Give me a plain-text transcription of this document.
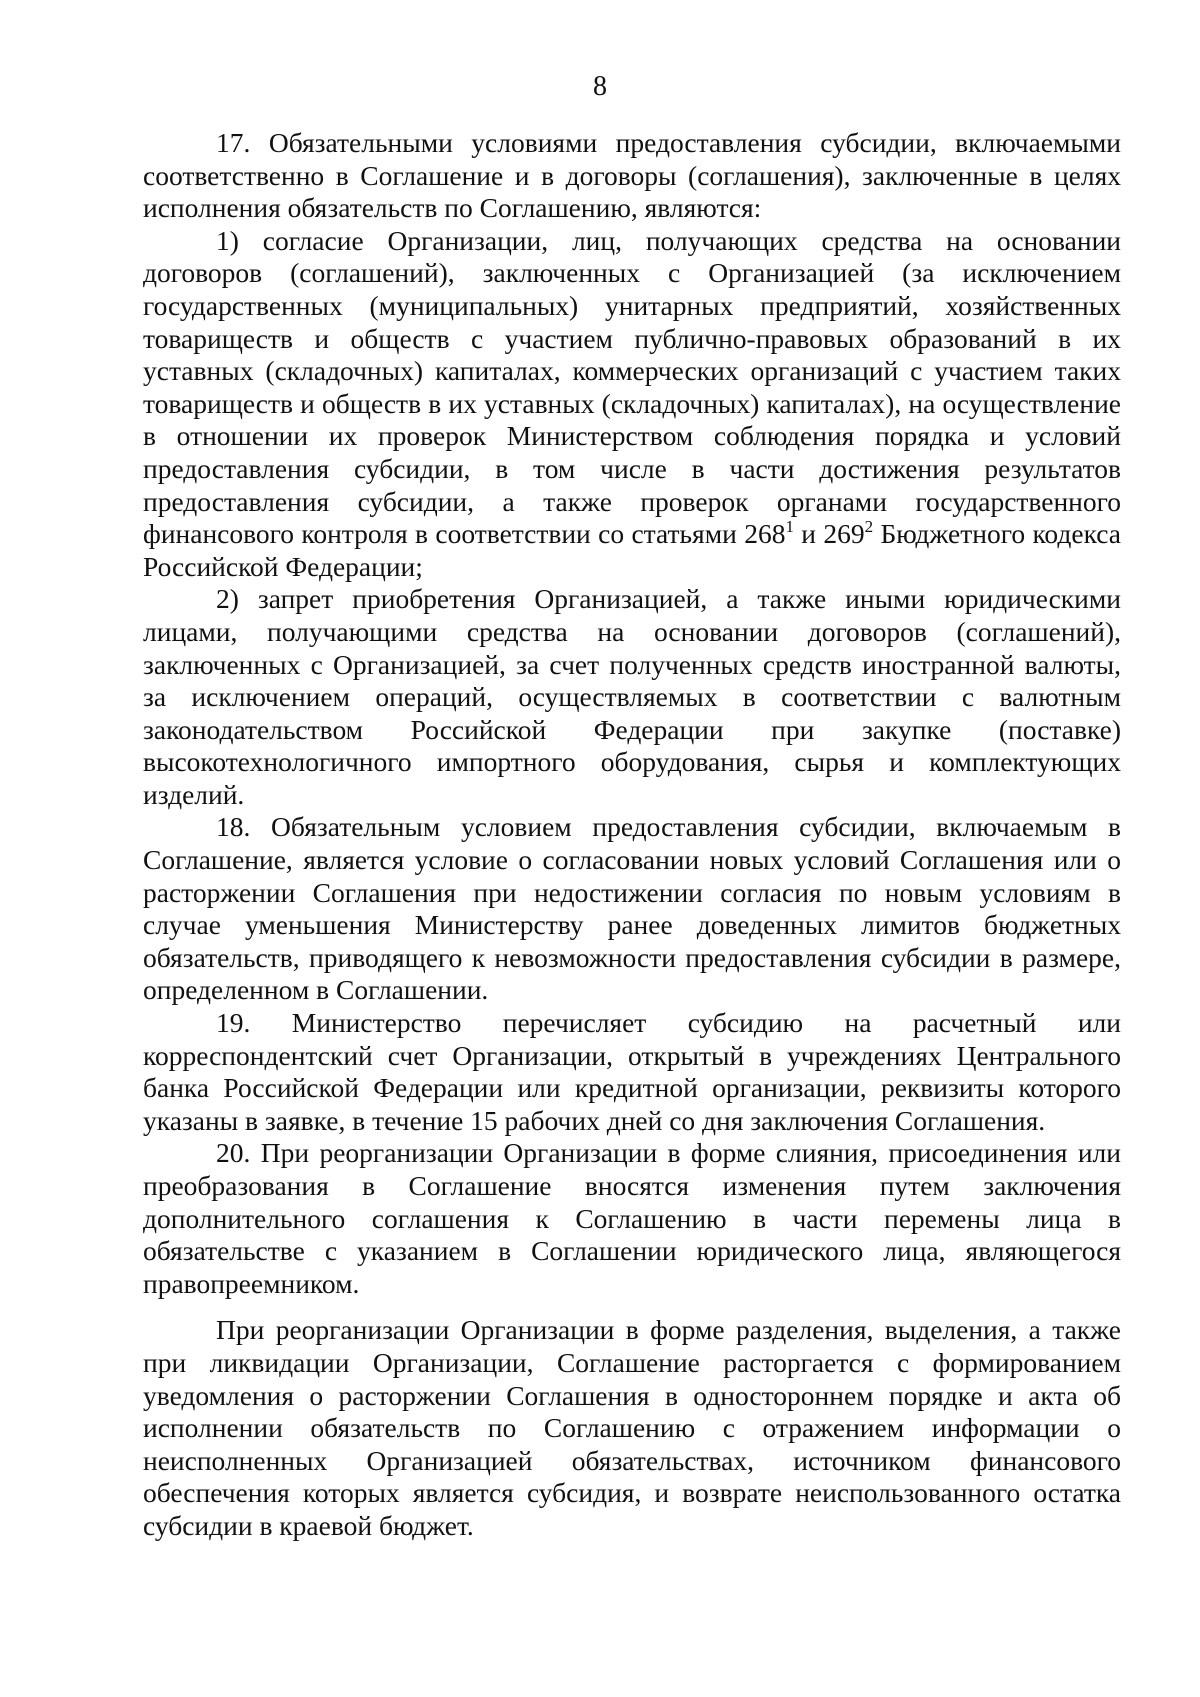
8

17. Обязательными условиями предоставления субсидии, включаемыми соответственно в Соглашение и в договоры (соглашения), заключенные в целях исполнения обязательств по Соглашению, являются:

1) согласие Организации, лиц, получающих средства на основании договоров (соглашений), заключенных с Организацией (за исключением государственных (муниципальных) унитарных предприятий, хозяйственных товариществ и обществ с участием публично-правовых образований в их уставных (складочных) капиталах, коммерческих организаций с участием таких товариществ и обществ в их уставных (складочных) капиталах), на осуществление в отношении их проверок Министерством соблюдения порядка и условий предоставления субсидии, в том числе в части достижения результатов предоставления субсидии, а также проверок органами государственного финансового контроля в соответствии со статьями $268^1$ и $269^2$ Бюджетного кодекса Российской Федерации;

2) запрет приобретения Организацией, а также иными юридическими лицами, получающими средства на основании договоров (соглашений), заключенных с Организацией, за счет полученных средств иностранной валюты, за исключением операций, осуществляемых в соответствии с валютным законодательством Российской Федерации при закупке (поставке) высокотехнологичного импортного оборудования, сырья и комплектующих изделий.

18. Обязательным условием предоставления субсидии, включаемым в Соглашение, является условие о согласовании новых условий Соглашения или о расторжении Соглашения при недостижении согласия по новым условиям в случае уменьшения Министерству ранее доведенных лимитов бюджетных обязательств, приводящего к невозможности предоставления субсидии в размере, определенном в Соглашении.

19. Министерство перечисляет субсидию на расчетный или корреспондентский счет Организации, открытый в учреждениях Центрального банка Российской Федерации или кредитной организации, реквизиты которого указаны в заявке, в течение 15 рабочих дней со дня заключения Соглашения.

20. При реорганизации Организации в форме слияния, присоединения или преобразования в Соглашение вносятся изменения путем заключения дополнительного соглашения к Соглашению в части перемены лица в обязательстве с указанием в Соглашении юридического лица, являющегося правопреемником.

При реорганизации Организации в форме разделения, выделения, а также при ликвидации Организации, Соглашение расторгается с формированием уведомления о расторжении Соглашения в одностороннем порядке и акта об исполнении обязательств по Соглашению с отражением информации о неисполненных Организацией обязательствах, источником финансового обеспечения которых является субсидия, и возврате неиспользованного остатка субсидии в краевой бюджет.
